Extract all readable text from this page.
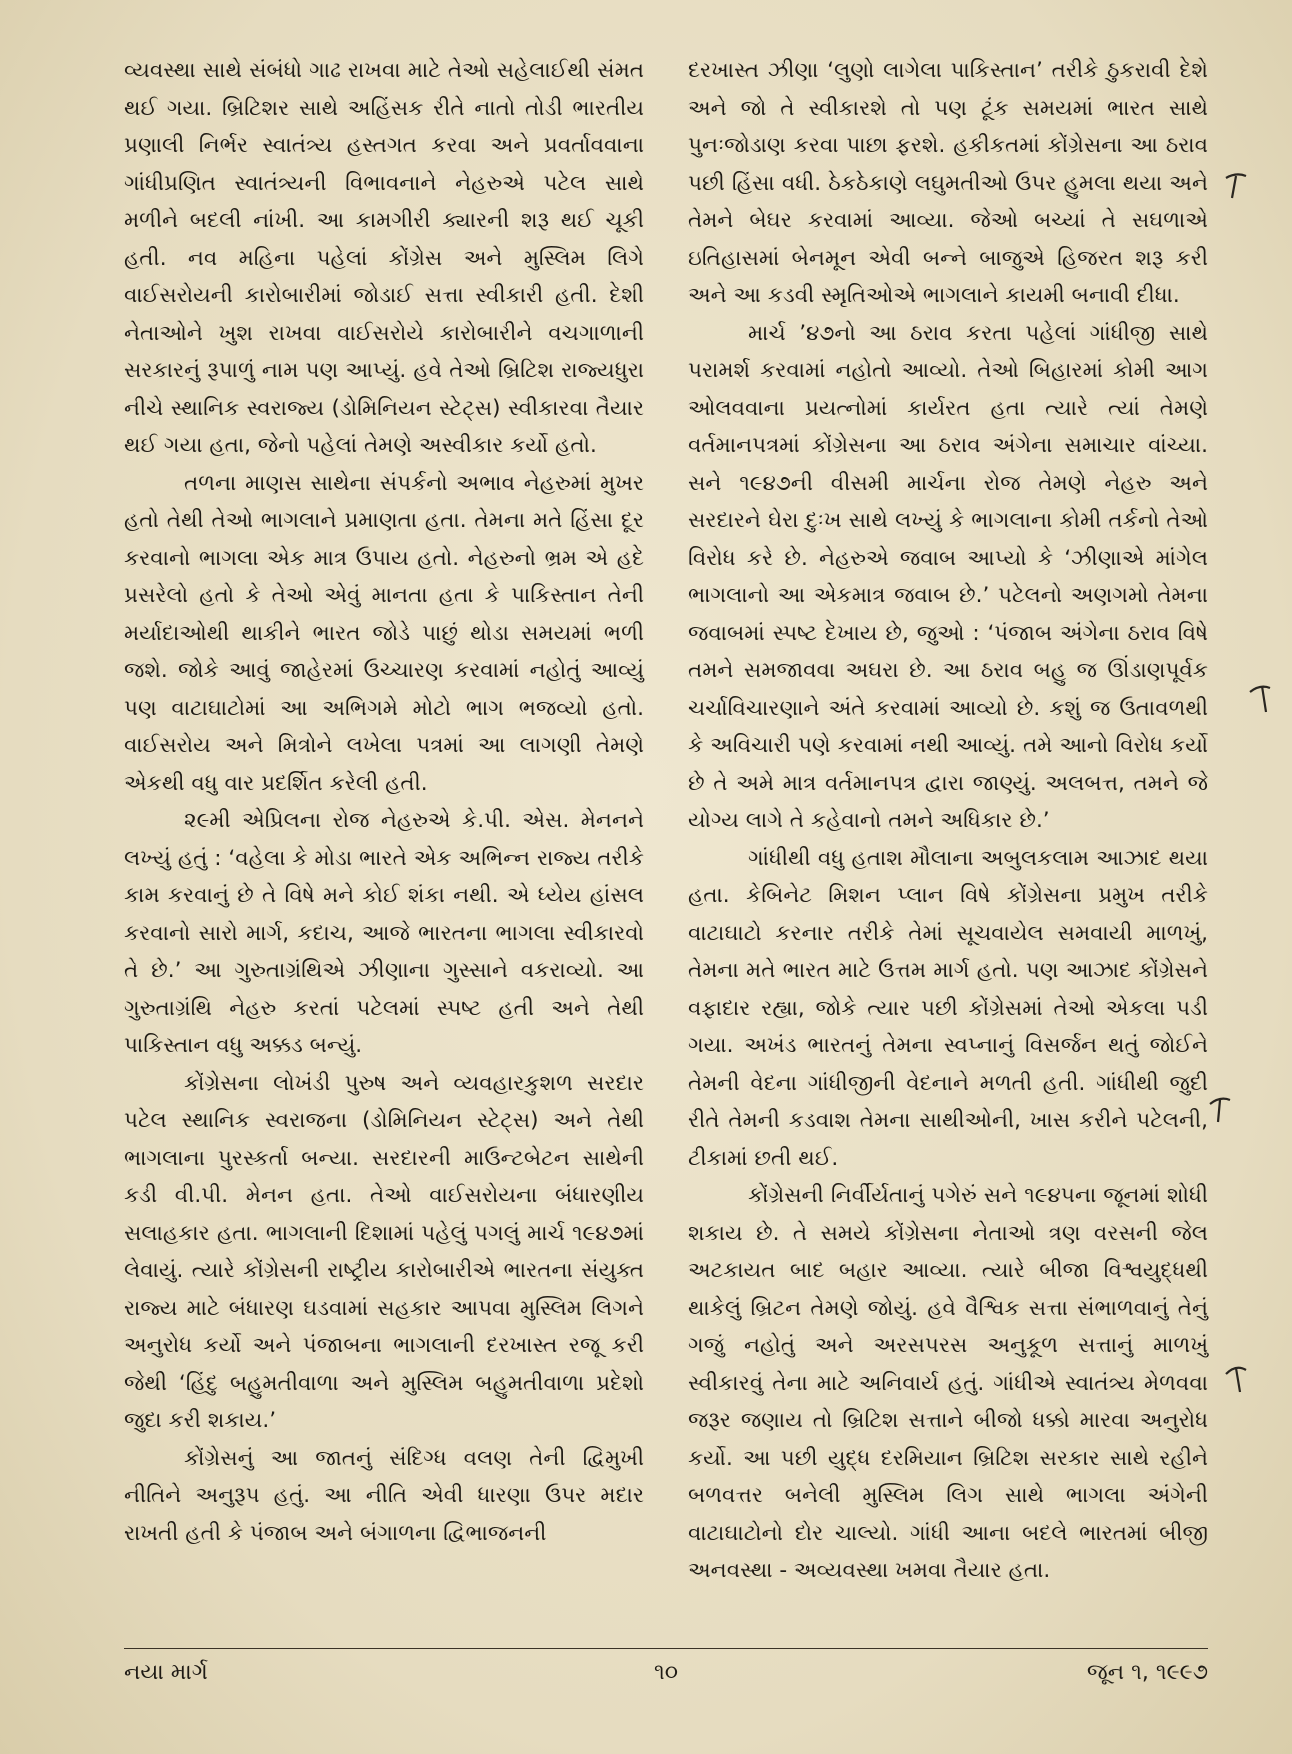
વ્યવસ્થા સાથે સંબંધો ગાઢ રાખવા માટે તેઓ સહેલાઈથી સંમત થઈ ગયા. બ્રિટિશર સાથે અહિંસક રીતે નાતો તોડી ભારતીય પ્રણાલી નિર્ભર સ્વાતંત્ર્ય હસ્તગત કરવા અને પ્રવર્તાવવાના ગાંધીપ્રણિત સ્વાતંત્ર્યની વિભાવનાને નેહરુએ પટેલ સાથે મળીને બદલી નાંખી. આ કામગીરી ક્યારની શરૂ થઈ ચૂકી હતી. નવ મહિના પહેલાં કોંગ્રેસ અને મુસ્લિમ લિગે વાઈસરોયની કારોબારીમાં જોડાઈ સત્તા સ્વીકારી હતી. દેશી નેતાઓને ખુશ રાખવા વાઈસરોયે કારોબારીને વચગાળાની સરકારનું રૂપાળું નામ પણ આપ્યું. હવે તેઓ બ્રિટિશ રાજ્યધુરા નીચે સ્થાનિક સ્વરાજ્ય (ડોમિનિયન સ્ટેટ્સ) સ્વીકારવા તૈયાર થઈ ગયા હતા, જેનો પહેલાં તેમણે અસ્વીકાર કર્યો હતો.

તળના માણસ સાથેના સંપર્કનો અભાવ નેહરુમાં મુખર હતો તેથી તેઓ ભાગલાને પ્રમાણતા હતા. તેમના મતે હિંસા દૂર કરવાનો ભાગલા એક માત્ર ઉપાય હતો. નેહરુનો ભ્રમ એ હદે પ્રસરેલો હતો કે તેઓ એવું માનતા હતા કે પાકિસ્તાન તેની મર્યાદાઓથી થાકીને ભારત જોડે પાછું થોડા સમયમાં ભળી જશે. જોકે આવું જાહેરમાં ઉચ્ચારણ કરવામાં નહોતું આવ્યું પણ વાટાઘાટોમાં આ અભિગમે મોટો ભાગ ભજવ્યો હતો. વાઈસરોય અને મિત્રોને લખેલા પત્રમાં આ લાગણી તેમણે એકથી વધુ વાર પ્રદર્શિત કરેલી હતી.

૨૯મી એપ્રિલના રોજ નેહરુએ કે.પી. એસ. મેનનને લખ્યું હતું : ‘વહેલા કે મોડા ભારતે એક અભિન્ન રાજ્ય તરીકે કામ કરવાનું છે તે વિષે મને કોઈ શંકા નથી. એ ધ્યેય હાંસલ કરવાનો સારો માર્ગ, કદાચ, આજે ભારતના ભાગલા સ્વીકારવો તે છે.’ આ ગુરુતાગ્રંથિએ ઝીણાના ગુસ્સાને વકરાવ્યો. આ ગુરુતાગ્રંથિ નેહરુ કરતાં પટેલમાં સ્પષ્ટ હતી અને તેથી પાકિસ્તાન વધુ અક્કડ બન્યું.

કોંગ્રેસના લોખંડી પુરુષ અને વ્યવહારકુશળ સરદાર પટેલ સ્થાનિક સ્વરાજના (ડોમિનિયન સ્ટેટ્સ) અને તેથી ભાગલાના પુરસ્કર્તા બન્યા. સરદારની માઉન્ટબેટન સાથેની કડી વી.પી. મેનન હતા. તેઓ વાઈસરોયના બંધારણીય સલાહકાર હતા. ભાગલાની દિશામાં પહેલું પગલું માર્ચ ૧૯૪૭માં લેવાયું. ત્યારે કોંગ્રેસની રાષ્ટ્રીય કારોબારીએ ભારતના સંયુક્ત રાજ્ય માટે બંધારણ ઘડવામાં સહકાર આપવા મુસ્લિમ લિગને અનુરોધ કર્યો અને પંજાબના ભાગલાની દરખાસ્ત રજૂ કરી જેથી ‘હિંદુ બહુમતીવાળા અને મુસ્લિમ બહુમતીવાળા પ્રદેશો જુદા કરી શકાય.’

કોંગ્રેસનું આ જાતનું સંદિગ્ધ વલણ તેની દ્વિમુખી નીતિને અનુરૂપ હતું. આ નીતિ એવી ધારણા ઉપર મદાર રાખતી હતી કે પંજાબ અને બંગાળના દ્વિભાજનની

દરખાસ્ત ઝીણા ‘લુણો લાગેલા પાકિસ્તાન’ તરીકે ઠુકરાવી દેશે અને જો તે સ્વીકારશે તો પણ ટૂંક સમયમાં ભારત સાથે પુનઃજોડાણ કરવા પાછા ફરશે. હકીકતમાં કોંગ્રેસના આ ઠરાવ પછી હિંસા વધી. ઠેકઠેકાણે લઘુમતીઓ ઉપર હુમલા થયા અને તેમને બેઘર કરવામાં આવ્યા. જેઓ બચ્યાં તે સઘળાએ ઇતિહાસમાં બેનમૂન એવી બન્ને બાજુએ હિજરત શરૂ કરી અને આ કડવી સ્મૃતિઓએ ભાગલાને કાયમી બનાવી દીધા.

માર્ચ ’૪૭નો આ ઠરાવ કરતા પહેલાં ગાંધીજી સાથે પરામર્શ કરવામાં નહોતો આવ્યો. તેઓ બિહારમાં કોમી આગ ઓલવવાના પ્રયત્નોમાં કાર્યરત હતા ત્યારે ત્યાં તેમણે વર્તમાનપત્રમાં કોંગ્રેસના આ ઠરાવ અંગેના સમાચાર વાંચ્યા. સને ૧૯૪૭ની વીસમી માર્ચના રોજ તેમણે નેહરુ અને સરદારને ઘેરા દુઃખ સાથે લખ્યું કે ભાગલાના કોમી તર્કનો તેઓ વિરોધ કરે છે. નેહરુએ જવાબ આપ્યો કે ‘ઝીણાએ માંગેલ ભાગલાનો આ એકમાત્ર જવાબ છે.’ પટેલનો અણગમો તેમના જવાબમાં સ્પષ્ટ દેખાય છે, જુઓ : ‘પંજાબ અંગેના ઠરાવ વિષે તમને સમજાવવા અઘરા છે. આ ઠરાવ બહુ જ ઊંડાણપૂર્વક ચર્ચાવિચારણાને અંતે કરવામાં આવ્યો છે. કશું જ ઉતાવળથી કે અવિચારી પણે કરવામાં નથી આવ્યું. તમે આનો વિરોધ કર્યો છે તે અમે માત્ર વર્તમાનપત્ર દ્વારા જાણ્યું. અલબત્ત, તમને જે યોગ્ય લાગે તે કહેવાનો તમને અધિકાર છે.’

ગાંધીથી વધુ હતાશ મૌલાના અબુલકલામ આઝાદ થયા હતા. કેબિનેટ મિશન પ્લાન વિષે કોંગ્રેસના પ્રમુખ તરીકે વાટાઘાટો કરનાર તરીકે તેમાં સૂચવાયેલ સમવાયી માળખું, તેમના મતે ભારત માટે ઉત્તમ માર્ગ હતો. પણ આઝાદ કોંગ્રેસને વફાદાર રહ્યા, જોકે ત્યાર પછી કોંગ્રેસમાં તેઓ એકલા પડી ગયા. અખંડ ભારતનું તેમના સ્વપ્નાનું વિસર્જન થતું જોઈને તેમની વેદના ગાંધીજીની વેદનાને મળતી હતી. ગાંધીથી જુદી રીતે તેમની કડવાશ તેમના સાથીઓની, ખાસ કરીને પટેલની, ટીકામાં છતી થઈ.

કોંગ્રેસની નિર્વીર્યતાનું પગેરું સને ૧૯૪૫ના જૂનમાં શોધી શકાય છે. તે સમયે કોંગ્રેસના નેતાઓ ત્રણ વરસની જેલ અટકાયત બાદ બહાર આવ્યા. ત્યારે બીજા વિશ્વયુદ્ધથી થાકેલું બ્રિટન તેમણે જોયું. હવે વૈશ્વિક સત્તા સંભાળવાનું તેનું ગજું નહોતું અને અરસપરસ અનુકૂળ સત્તાનું માળખું સ્વીકારવું તેના માટે અનિવાર્ય હતું. ગાંધીએ સ્વાતંત્ર્ય મેળવવા જરૂર જણાય તો બ્રિટિશ સત્તાને બીજો ધક્કો મારવા અનુરોધ કર્યો. આ પછી યુદ્ધ દરમિયાન બ્રિટિશ સરકાર સાથે રહીને બળવત્તર બનેલી મુસ્લિમ લિગ સાથે ભાગલા અંગેની વાટાઘાટોનો દોર ચાલ્યો. ગાંધી આના બદલે ભારતમાં બીજી અનવસ્થા - અવ્યવસ્થા ખમવા તૈયાર હતા.

નયા માર્ગ	૧૦	જૂન ૧, ૧૯૯૭
